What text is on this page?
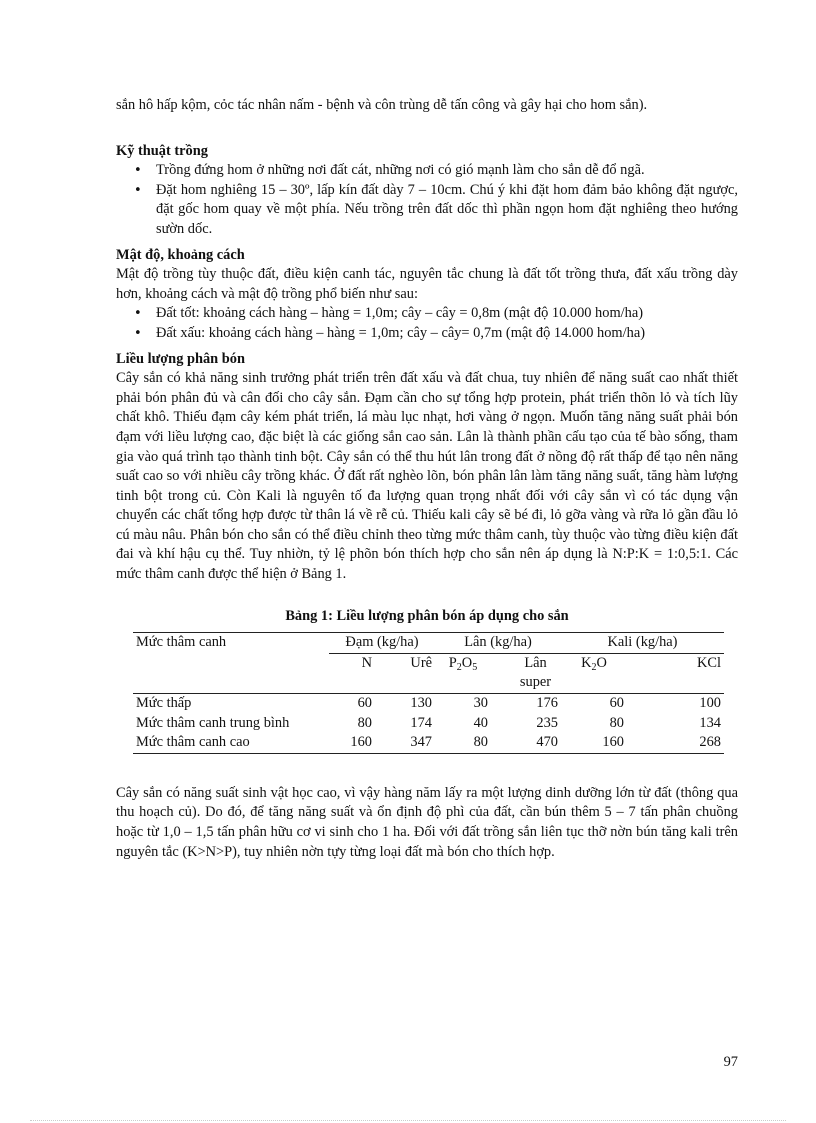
sắn hô hấp kộm, cỏc tác nhân nấm - bệnh và côn trùng dễ tấn công và gây hại cho hom sắn).

Kỹ thuật trồng
• Trồng đứng hom ở những nơi đất cát, những nơi có gió mạnh làm cho sắn dễ đổ ngã.
• Đặt hom nghiêng 15 – 30º, lấp kín đất dày 7 – 10cm. Chú ý khi đặt hom đảm bảo không đặt ngược, đặt gốc hom quay về một phía. Nếu trồng trên đất dốc thì phần ngọn hom đặt nghiêng theo hướng sườn dốc.
Mật độ, khoảng cách

Mật độ trồng tùy thuộc đất, điều kiện canh tác, nguyên tắc chung là đất tốt trồng thưa, đất xấu trồng dày hơn, khoảng cách và mật độ trồng phổ biến như sau:

• Đất tốt: khoảng cách hàng – hàng = 1,0m; cây – cây = 0,8m (mật độ 10.000 hom/ha)
• Đất xấu: khoảng cách hàng – hàng = 1,0m; cây – cây= 0,7m (mật độ 14.000 hom/ha)
Liều lượng phân bón

Cây sắn có khả năng sinh trưởng phát triển trên đất xấu và đất chua, tuy nhiên để năng suất cao nhất thiết phải bón phân đủ và cân đối cho cây sắn. Đạm cần cho sự tổng hợp protein, phát triển thõn lỏ và tích lũy chất khô. Thiếu đạm cây kém phát triển, lá màu lục nhạt, hơi vàng ở ngọn. Muốn tăng năng suất phải bón đạm với liều lượng cao, đặc biệt là các giống sắn cao sản. Lân là thành phần cấu tạo của tế bào sống, tham gia vào quá trình tạo thành tinh bột. Cây sắn có thể thu hút lân trong đất ở nồng độ rất thấp để tạo nên năng suất cao so với nhiều cây trồng khác. Ở đất rất nghèo lõn, bón phân lân làm tăng năng suất, tăng hàm lượng tinh bột trong củ. Còn Kali là nguyên tố đa lượng quan trọng nhất đối với cây sắn vì có tác dụng vận chuyển các chất tổng hợp được từ thân lá về rễ củ. Thiếu kali cây sẽ bé đi, lỏ gỡa vàng và rữa lỏ gần đầu lỏ cú màu nâu. Phân bón cho sắn có thể điều chỉnh theo từng mức thâm canh, tùy thuộc vào từng điều kiện đất đai và khí hậu cụ thể. Tuy nhiờn, tỷ lệ phõn bón thích hợp cho sắn nên áp dụng là N:P:K = 1:0,5:1. Các mức thâm canh được thể hiện ở Bảng 1.

Bảng 1: Liều lượng phân bón áp dụng cho sắn
Mức thâm canh	Đạm (kg/ha)		Lân (kg/ha)		Kali (kg/ha)	
	N	Urê	$P_2O_5$	Lân super	$K_2O$	KCl
Mức thấp	60	130	30	176	60	100
Mức thâm canh trung bình	80	174	40	235	80	134
Mức thâm canh cao	160	347	80	470	160	268

Cây sắn có năng suất sinh vật học cao, vì vậy hàng năm lấy ra một lượng dinh dưỡng lớn từ đất (thông qua thu hoạch củ). Do đó, để tăng năng suất và ổn định độ phì của đất, cần bún thêm 5 – 7 tấn phân chuồng hoặc từ 1,0 – 1,5 tấn phân hữu cơ vi sinh cho 1 ha. Đối với đất trồng sắn liên tục thỡ nờn bún tăng kali trên nguyên tắc (K>N>P), tuy nhiên nờn tựy từng loại đất mà bón cho thích hợp.

97
